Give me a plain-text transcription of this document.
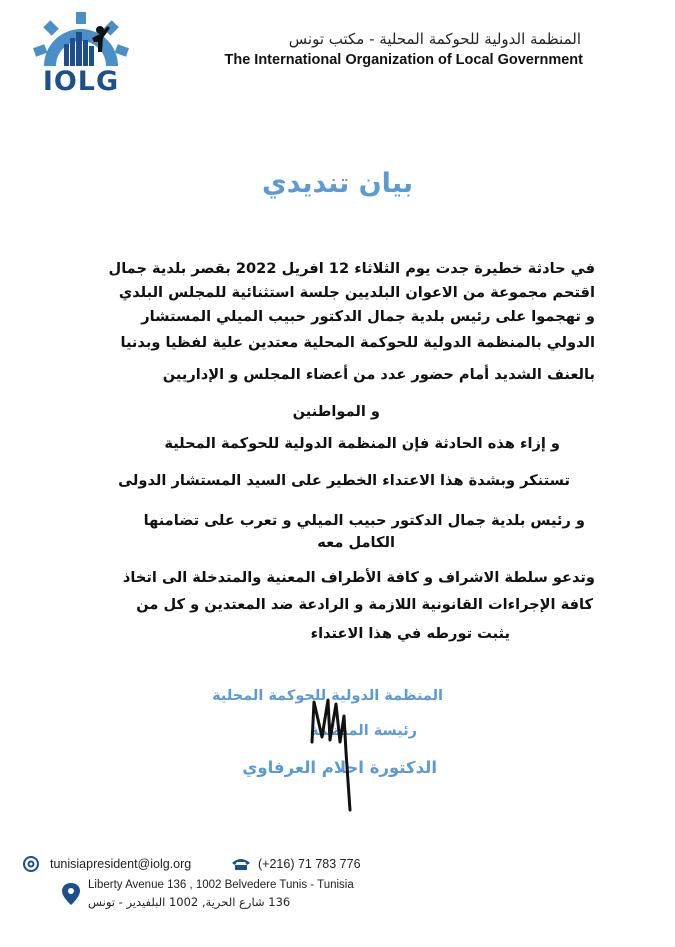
IOLG
المنظمة الدولية للحوكمة المحلية - مكتب تونس
The International Organization of Local Government
بيان تنديدي
في حادثة خطيرة جدت يوم الثلاثاء 12 افريل 2022 بقصر بلدية جمال
اقتحم مجموعة من الاعوان البلديين جلسة استثنائية للمجلس البلدي
و تهجموا على رئيس بلدية جمال الدكتور حبيب الميلي المستشار
الدولي بالمنظمة الدولية للحوكمة المحلية معتدين علية لفظيا وبدنيا
بالعنف الشديد أمام حضور عدد من أعضاء المجلس و الإداريين
و المواطنين
و إزاء هذه الحادثة فإن المنظمة الدولية للحوكمة المحلية
تستنكر وبشدة هذا الاعتداء الخطير على السيد المستشار الدولى
و رئيس بلدية جمال الدكتور حبيب الميلي و تعرب على تضامنها
الكامل معه
وتدعو سلطة الاشراف و كافة الأطراف المعنية والمتدخلة الى اتخاذ
كافة الإجراءات القانونية اللازمة و الرادعة ضد المعتدين و كل من
يثبت تورطه في هذا الاعتداء
المنظمة الدولية للحوكمة المحلية
رئيسة المنظمة
الدكتورة احلام العرفاوي
tunisiapresident@iolg.org	(+216) 71 783 776
Liberty Avenue 136 , 1002 Belvedere Tunis - Tunisia
136 شارع الحرية, 1002 البلفيدير - تونس
